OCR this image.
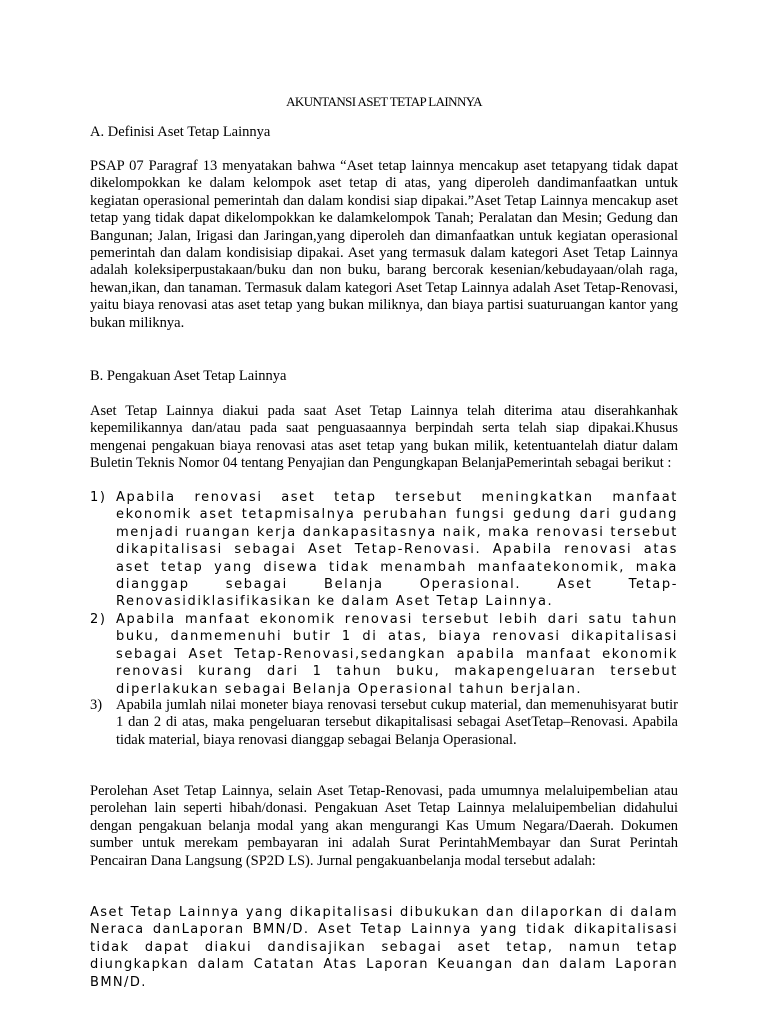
AKUNTANSI ASET TETAP LAINNYA
A. Definisi Aset Tetap Lainnya
PSAP 07 Paragraf 13 menyatakan bahwa “Aset tetap lainnya mencakup aset tetapyang tidak dapat dikelompokkan ke dalam kelompok aset tetap di atas, yang diperoleh dandimanfaatkan untuk kegiatan operasional pemerintah dan dalam kondisi siap dipakai.”Aset Tetap Lainnya mencakup aset tetap yang tidak dapat dikelompokkan ke dalamkelompok Tanah; Peralatan dan Mesin; Gedung dan Bangunan; Jalan, Irigasi dan Jaringan,yang diperoleh dan dimanfaatkan untuk kegiatan operasional pemerintah dan dalam kondisisiap dipakai. Aset yang termasuk dalam kategori Aset Tetap Lainnya adalah koleksiperpustakaan/buku dan non buku, barang bercorak kesenian/kebudayaan/olah raga, hewan,ikan, dan tanaman. Termasuk dalam kategori Aset Tetap Lainnya adalah Aset Tetap-Renovasi, yaitu biaya renovasi atas aset tetap yang bukan miliknya, dan biaya partisi suaturuangan kantor yang bukan miliknya.
B. Pengakuan Aset Tetap Lainnya
Aset Tetap Lainnya diakui pada saat Aset Tetap Lainnya telah diterima atau diserahkanhak kepemilikannya dan/atau pada saat penguasaannya berpindah serta telah siap dipakai.Khusus mengenai pengakuan biaya renovasi atas aset tetap yang bukan milik, ketentuantelah diatur dalam Buletin Teknis Nomor 04 tentang Penyajian dan Pengungkapan BelanjaPemerintah sebagai berikut :
1) Apabila renovasi aset tetap tersebut meningkatkan manfaat ekonomik aset tetapmisalnya perubahan fungsi gedung dari gudang menjadi ruangan kerja dankapasitasnya naik, maka renovasi tersebut dikapitalisasi sebagai Aset Tetap-Renovasi. Apabila renovasi atas aset tetap yang disewa tidak menambah manfaatekonomik, maka dianggap sebagai Belanja Operasional. Aset Tetap-Renovasidiklasifikasikan ke dalam Aset Tetap Lainnya.
2) Apabila manfaat ekonomik renovasi tersebut lebih dari satu tahun buku, danmemenuhi butir 1 di atas, biaya renovasi dikapitalisasi sebagai Aset Tetap-Renovasi,sedangkan apabila manfaat ekonomik renovasi kurang dari 1 tahun buku, makapengeluaran tersebut diperlakukan sebagai Belanja Operasional tahun berjalan.
3) Apabila jumlah nilai moneter biaya renovasi tersebut cukup material, dan memenuhisyarat butir 1 dan 2 di atas, maka pengeluaran tersebut dikapitalisasi sebagai AsetTetap–Renovasi. Apabila tidak material, biaya renovasi dianggap sebagai Belanja Operasional.
Perolehan Aset Tetap Lainnya, selain Aset Tetap-Renovasi, pada umumnya melaluipembelian atau perolehan lain seperti hibah/donasi. Pengakuan Aset Tetap Lainnya melaluipembelian didahului dengan pengakuan belanja modal yang akan mengurangi Kas Umum Negara/Daerah. Dokumen sumber untuk merekam pembayaran ini adalah Surat PerintahMembayar dan Surat Perintah Pencairan Dana Langsung (SP2D LS). Jurnal pengakuanbelanja modal tersebut adalah:
Aset Tetap Lainnya yang dikapitalisasi dibukukan dan dilaporkan di dalam Neraca danLaporan BMN/D. Aset Tetap Lainnya yang tidak dikapitalisasi tidak dapat diakui dandisajikan sebagai aset tetap, namun tetap diungkapkan dalam Catatan Atas Laporan Keuangan dan dalam Laporan BMN/D.
